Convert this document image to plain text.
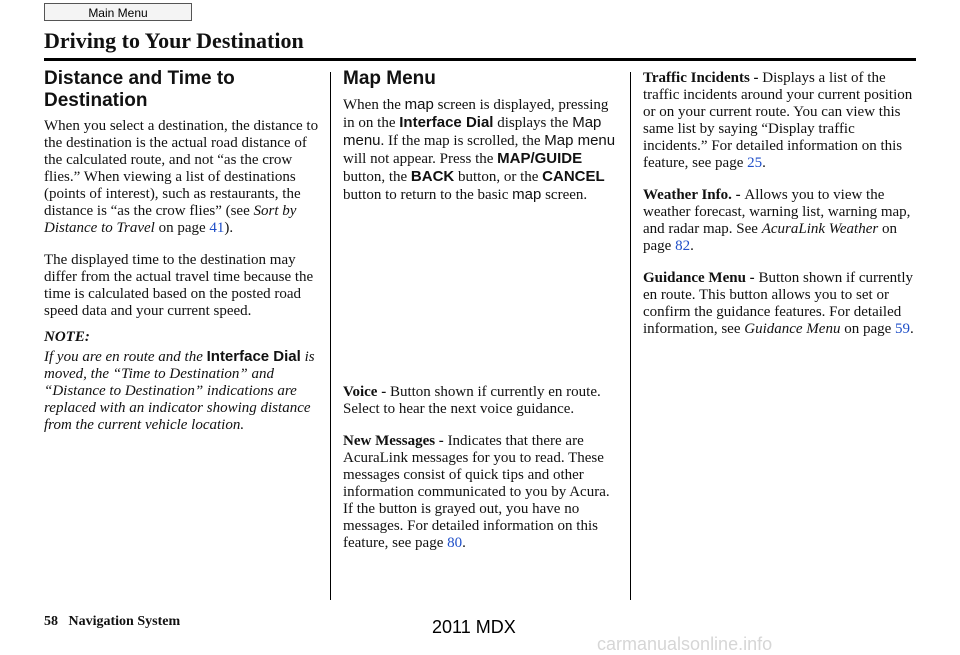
Main Menu
Driving to Your Destination
Distance and Time to Destination

When you select a destination, the distance to the destination is the actual road distance of the calculated route, and not “as the crow flies.” When viewing a list of destinations (points of interest), such as restaurants, the distance is “as the crow flies” (see Sort by Distance to Travel on page 41).

The displayed time to the destination may differ from the actual travel time because the time is calculated based on the posted road speed data and your current speed.

NOTE:
If you are en route and the Interface Dial is moved, the “Time to Destination” and “Distance to Destination” indications are replaced with an indicator showing distance from the current vehicle location.
Map Menu

When the map screen is displayed, pressing in on the Interface Dial displays the Map menu. If the map is scrolled, the Map menu will not appear. Press the MAP/GUIDE button, the BACK button, or the CANCEL button to return to the basic map screen.

Voice - Button shown if currently en route. Select to hear the next voice guidance.

New Messages - Indicates that there are AcuraLink messages for you to read. These messages consist of quick tips and other information communicated to you by Acura. If the button is grayed out, you have no messages. For detailed information on this feature, see page 80.

Traffic Incidents - Displays a list of the traffic incidents around your current position or on your current route. You can view this same list by saying “Display traffic incidents.” For detailed information on this feature, see page 25.

Weather Info. - Allows you to view the weather forecast, warning list, warning map, and radar map. See AcuraLink Weather on page 82.

Guidance Menu - Button shown if currently en route. This button allows you to set or confirm the guidance features. For detailed information, see Guidance Menu on page 59.

58 Navigation System	2011 MDX
carmanualsonline.info
